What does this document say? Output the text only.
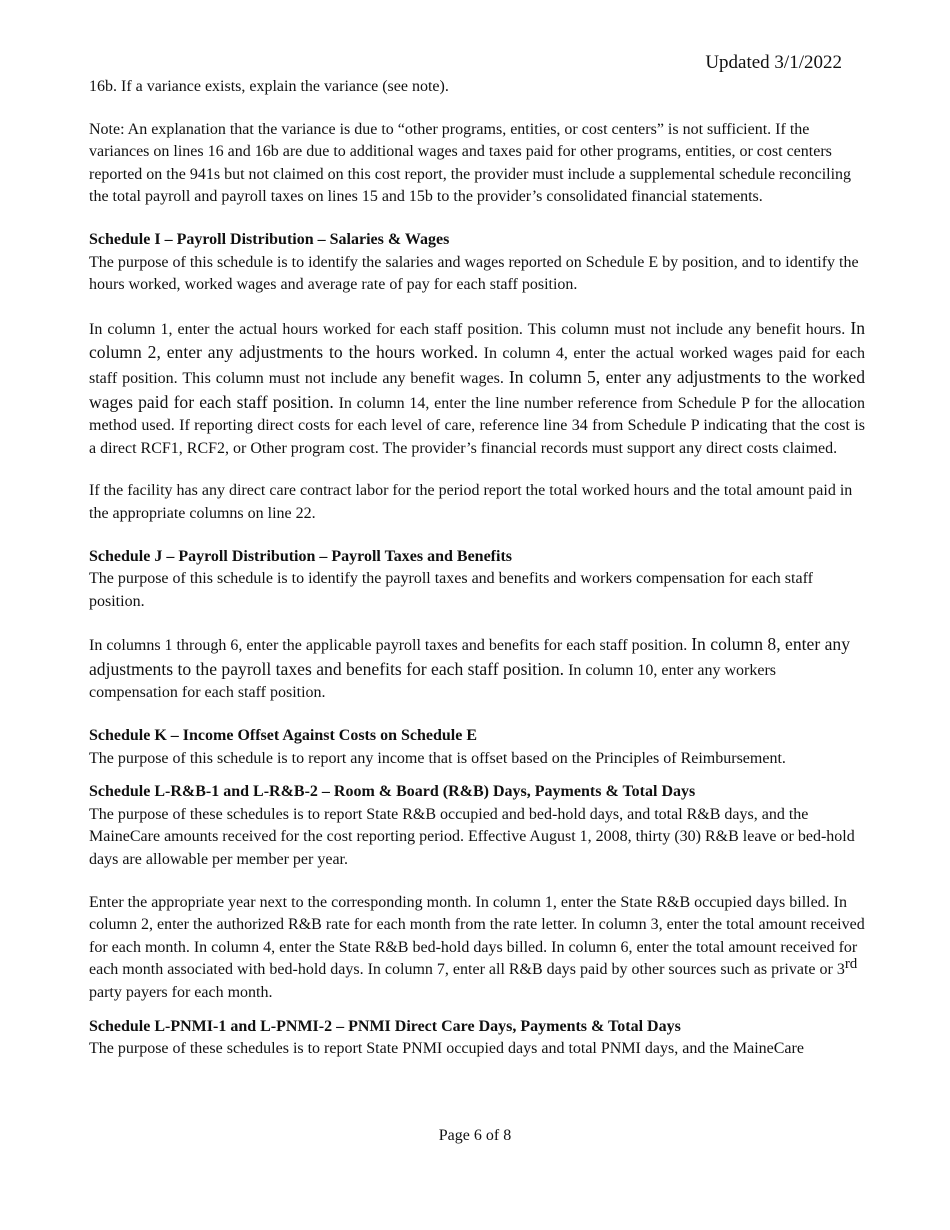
Updated 3/1/2022

16b. If a variance exists, explain the variance (see note).

Note: An explanation that the variance is due to “other programs, entities, or cost centers” is not sufficient. If the variances on lines 16 and 16b are due to additional wages and taxes paid for other programs, entities, or cost centers reported on the 941s but not claimed on this cost report, the provider must include a supplemental schedule reconciling the total payroll and payroll taxes on lines 15 and 15b to the provider’s consolidated financial statements.

Schedule I – Payroll Distribution – Salaries & Wages

The purpose of this schedule is to identify the salaries and wages reported on Schedule E by position, and to identify the hours worked, worked wages and average rate of pay for each staff position.

In column 1, enter the actual hours worked for each staff position. This column must not include any benefit hours. In column 2, enter any adjustments to the hours worked. In column 4, enter the actual worked wages paid for each staff position. This column must not include any benefit wages. In column 5, enter any adjustments to the worked wages paid for each staff position. In column 14, enter the line number reference from Schedule P for the allocation method used. If reporting direct costs for each level of care, reference line 34 from Schedule P indicating that the cost is a direct RCF1, RCF2, or Other program cost. The provider’s financial records must support any direct costs claimed.

If the facility has any direct care contract labor for the period report the total worked hours and the total amount paid in the appropriate columns on line 22.

Schedule J – Payroll Distribution – Payroll Taxes and Benefits

The purpose of this schedule is to identify the payroll taxes and benefits and workers compensation for each staff position.

In columns 1 through 6, enter the applicable payroll taxes and benefits for each staff position. In column 8, enter any adjustments to the payroll taxes and benefits for each staff position. In column 10, enter any workers compensation for each staff position.

Schedule K – Income Offset Against Costs on Schedule E

The purpose of this schedule is to report any income that is offset based on the Principles of Reimbursement.

Schedule L-R&B-1 and L-R&B-2 – Room & Board (R&B) Days, Payments & Total Days

The purpose of these schedules is to report State R&B occupied and bed-hold days, and total R&B days, and the MaineCare amounts received for the cost reporting period. Effective August 1, 2008, thirty (30) R&B leave or bed-hold days are allowable per member per year.

Enter the appropriate year next to the corresponding month. In column 1, enter the State R&B occupied days billed. In column 2, enter the authorized R&B rate for each month from the rate letter. In column 3, enter the total amount received for each month. In column 4, enter the State R&B bed-hold days billed. In column 6, enter the total amount received for each month associated with bed-hold days. In column 7, enter all R&B days paid by other sources such as private or 3rd party payers for each month.

Schedule L-PNMI-1 and L-PNMI-2 – PNMI Direct Care Days, Payments & Total Days

The purpose of these schedules is to report State PNMI occupied days and total PNMI days, and the MaineCare

Page 6 of 8
